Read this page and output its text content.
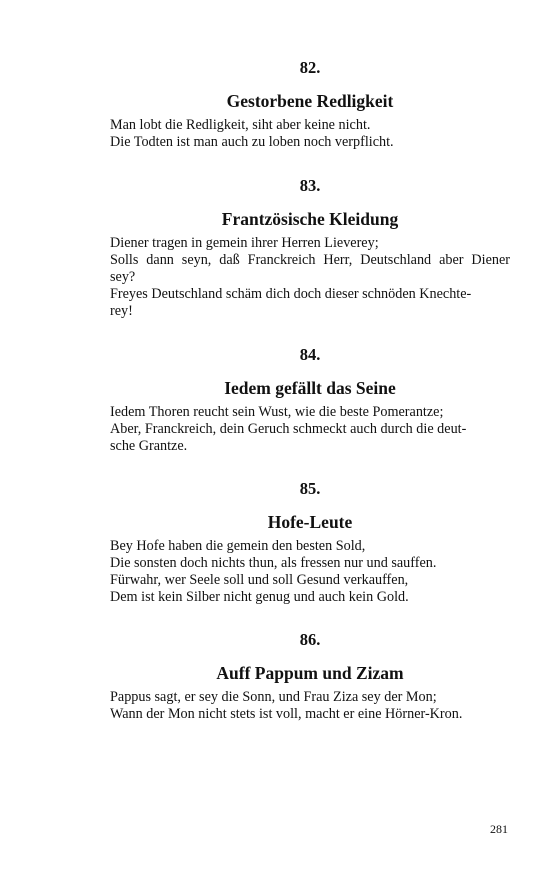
82.

Gestorbene Redligkeit

Man lobt die Redligkeit, siht aber keine nicht.

Die Todten ist man auch zu loben noch verpflicht.

83.

Frantzösische Kleidung

Diener tragen in gemein ihrer Herren Lieverey;

Solls dann seyn, daß Franckreich Herr, Deutschland aber Diener

sey?

Freyes Deutschland schäm dich doch dieser schnöden Knechte-

rey!

84.

Iedem gefällt das Seine

Iedem Thoren reucht sein Wust, wie die beste Pomerantze;

Aber, Franckreich, dein Geruch schmeckt auch durch die deut-

sche Grantze.

85.

Hofe-Leute

Bey Hofe haben die gemein den besten Sold,

Die sonsten doch nichts thun, als fressen nur und sauffen.

Fürwahr, wer Seele soll und soll Gesund verkauffen,

Dem ist kein Silber nicht genug und auch kein Gold.

86.

Auff Pappum und Zizam

Pappus sagt, er sey die Sonn, und Frau Ziza sey der Mon;

Wann der Mon nicht stets ist voll, macht er eine Hörner-Kron.

281
